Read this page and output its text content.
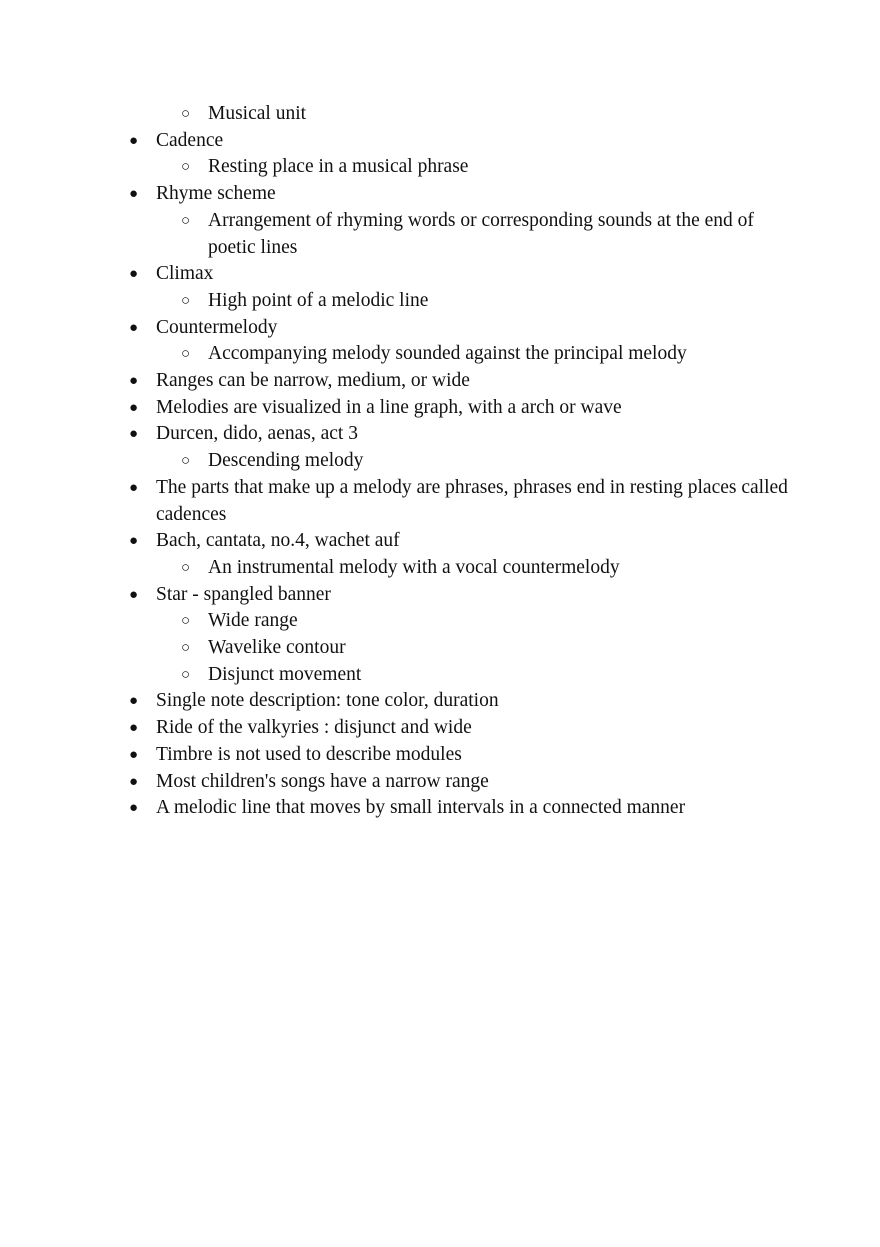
○ Musical unit
● Cadence
○ Resting place in a musical phrase
● Rhyme scheme
○ Arrangement of rhyming words or corresponding sounds at the end of poetic lines
● Climax
○ High point of a melodic line
● Countermelody
○ Accompanying melody sounded against the principal melody
● Ranges can be narrow, medium, or wide
● Melodies are visualized in a line graph, with a arch or wave
● Durcen, dido, aenas, act 3
○ Descending melody
● The parts that make up a melody are phrases, phrases end in resting places called cadences
● Bach, cantata, no.4, wachet auf
○ An instrumental melody with a vocal countermelody
● Star - spangled banner
○ Wide range
○ Wavelike contour
○ Disjunct movement
● Single note description: tone color, duration
● Ride of the valkyries : disjunct and wide
● Timbre is not used to describe modules
● Most children's songs have a narrow range
● A melodic line that moves by small intervals in a connected manner
